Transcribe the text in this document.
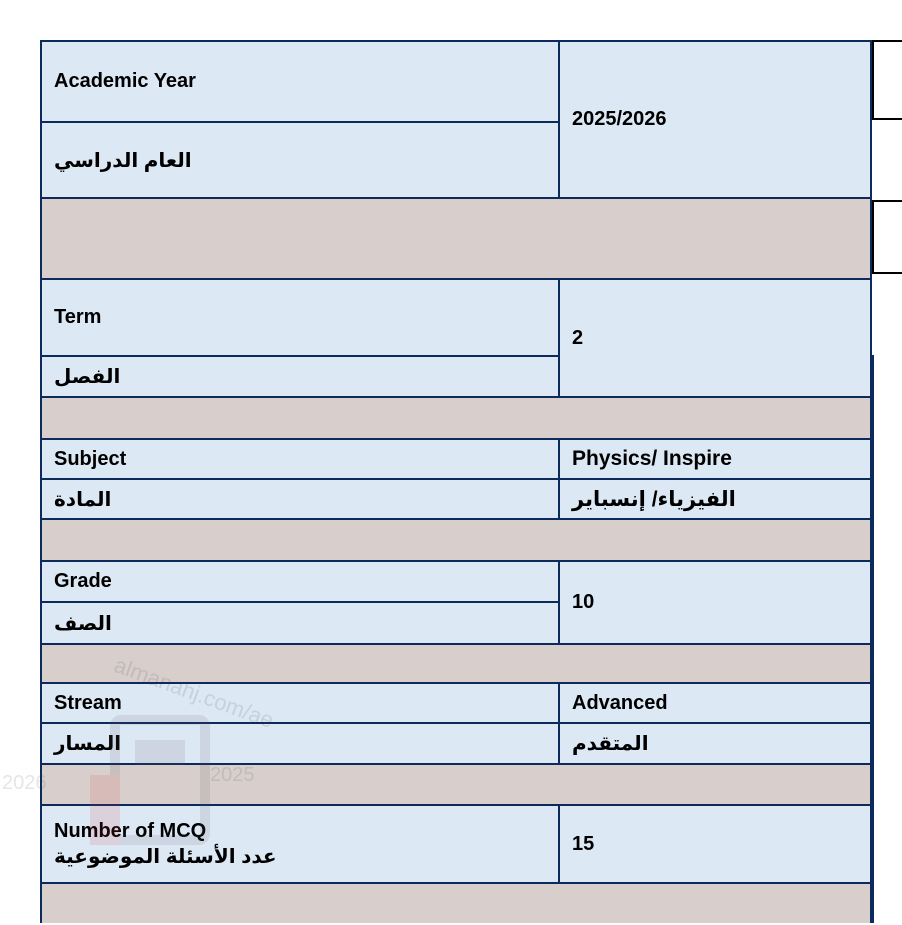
Academic Year
العام الدراسي
2025/2026
Term
الفصل
2
Subject
المادة
Physics/ Inspire
الفيزياء/ إنسباير
Grade
الصف
10
Stream
المسار
Advanced
المتقدم
Number of MCQ
عدد الأسئلة الموضوعية
15
2026
